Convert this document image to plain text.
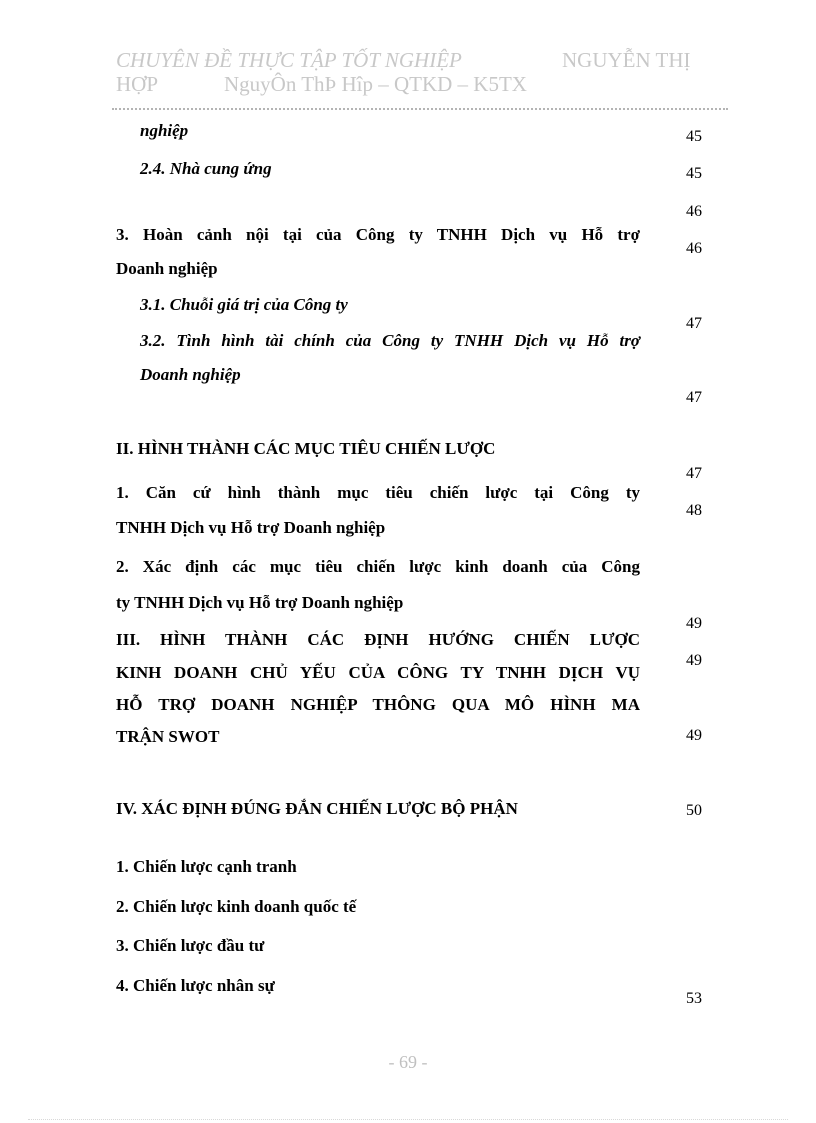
CHUYÊN ĐỀ THỰC TẬP TỐT NGHIỆP	NGUYỄN THỊ
HỢP	NguyÔn ThÞ Hîp – QTKD – K5TX
nghiệp
2.4. Nhà cung ứng
3. Hoàn cảnh nội tại của Công ty TNHH Dịch vụ Hỗ trợ
Doanh nghiệp
3.1. Chuỗi giá trị của Công ty
3.2. Tình hình tài chính của Công ty TNHH Dịch vụ Hỗ trợ
Doanh nghiệp
II. HÌNH THÀNH CÁC MỤC TIÊU CHIẾN LƯỢC
1. Căn cứ hình thành mục tiêu chiến lược tại Công ty
TNHH Dịch vụ Hỗ trợ Doanh nghiệp
2. Xác định các mục tiêu chiến lược kinh doanh của Công
ty TNHH Dịch vụ Hỗ trợ Doanh nghiệp
III. HÌNH THÀNH CÁC ĐỊNH HƯỚNG CHIẾN LƯỢC
KINH DOANH CHỦ YẾU CỦA CÔNG TY TNHH DỊCH VỤ
HỖ TRỢ DOANH NGHIỆP THÔNG QUA MÔ HÌNH MA
TRẬN SWOT
IV. XÁC ĐỊNH ĐÚNG ĐẮN CHIẾN LƯỢC BỘ PHẬN
1. Chiến lược cạnh tranh
2. Chiến lược kinh doanh quốc tế
3. Chiến lược đầu tư
4. Chiến lược nhân sự
45
45
46
46
47
47
47
48
49
49
49
50
53
- 69 -
